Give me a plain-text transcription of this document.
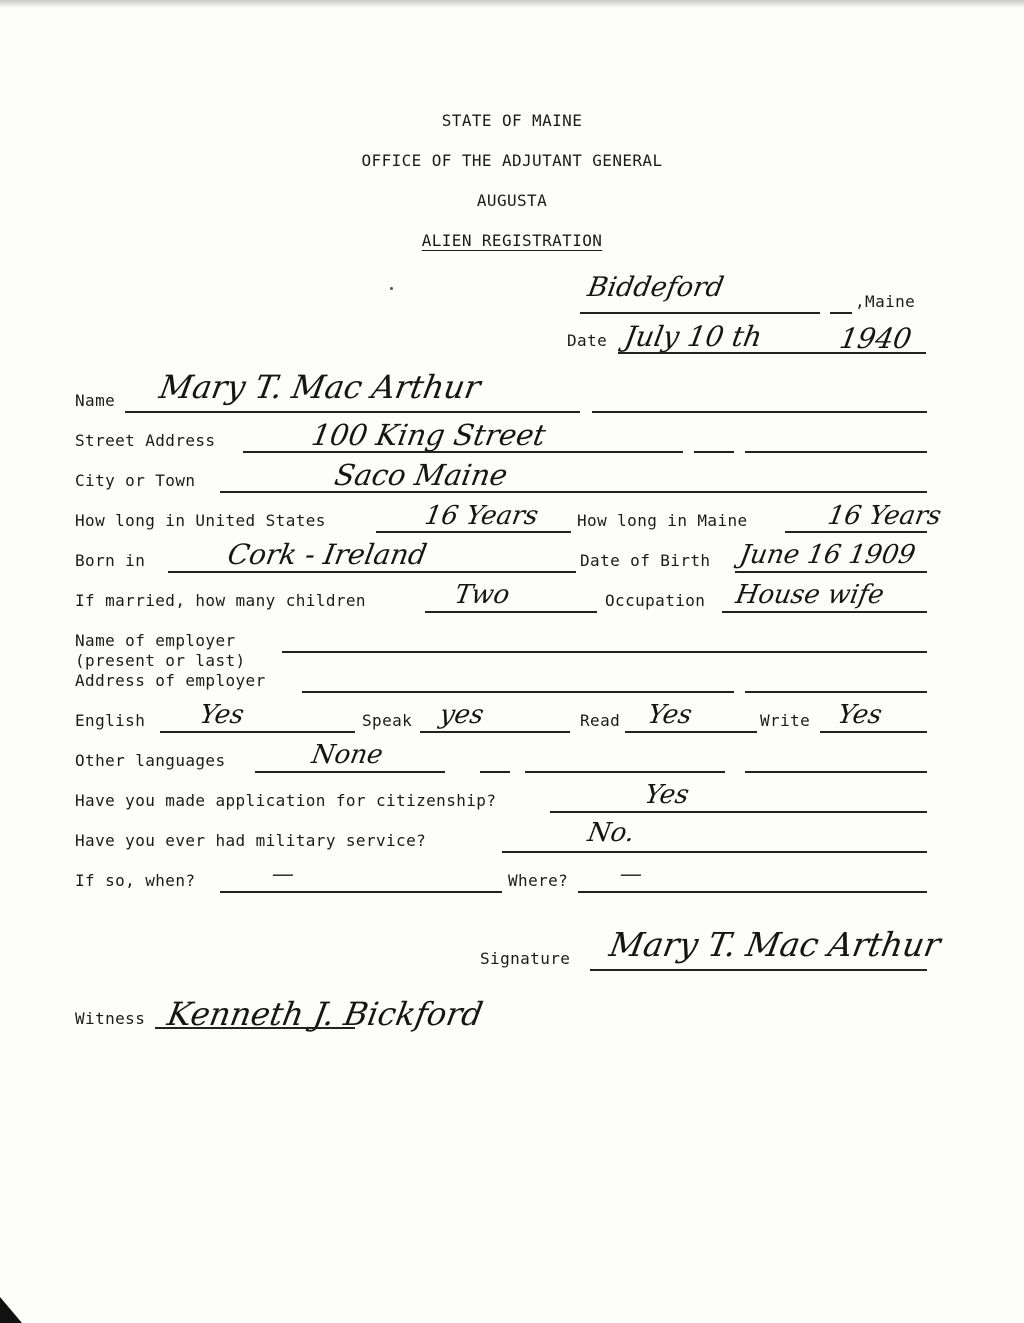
STATE OF MAINE
OFFICE OF THE ADJUTANT GENERAL
AUGUSTA
ALIEN REGISTRATION
Biddeford	,Maine
Date July 10 th	1940
Name Mary T. Mac Arthur
Street Address	100 King Street
City or Town	Saco Maine
How long in United States	16 Years How long in Maine	16 Years
Born in	Cork - Ireland	Date of Birth June 16 1909
If married, how many children	Two	Occupation House wife
Name of employer
(present or last)
Address of employer
English Yes	Speak yes	Read Yes	Write Yes
Other languages	None
Have you made application for citizenship?	Yes
Have you ever had military service?	No.
If so, when?	—	Where? —
Signature Mary T. Mac Arthur
Witness Kenneth J. Bickford
